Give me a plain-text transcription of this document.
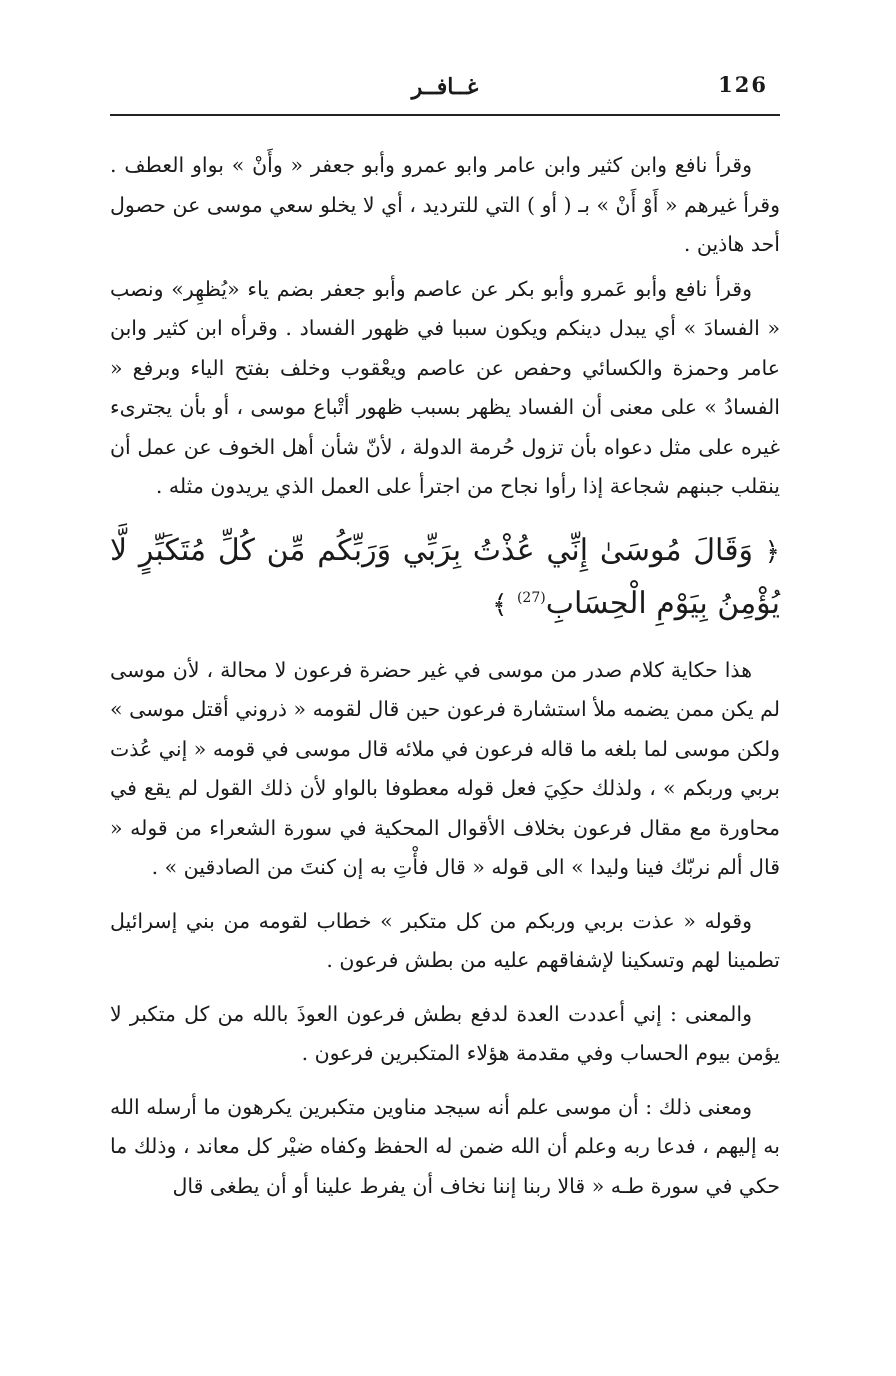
126
غــافــر

وقرأ نافع وابن كثير وابن عامر وابو عمرو وأبو جعفر « وأَنْ » بواو العطف . وقرأ غيرهم « أَوْ أَنْ » بـ ( أو ) التي للترديد ، أي لا يخلو سعي موسى عن حصول أحد هاذين .

وقرأ نافع وأبو عَمرو وأبو بكر عن عاصم وأبو جعفر بضم ياء «يُظهِر» ونصب « الفسادَ » أي يبدل دينكم ويكون سببا في ظهور الفساد . وقرأه ابن كثير وابن عامر وحمزة والكسائي وحفص عن عاصم ويعْقوب وخلف بفتح الياء وبرفع « الفسادُ » على معنى أن الفساد يظهر بسبب ظهور أتْباع موسى ، أو بأن يجترىء غيره على مثل دعواه بأن تزول حُرمة الدولة ، لأنّ شأن أهل الخوف عن عمل أن ينقلب جبنهم شجاعة إذا رأوا نجاح من اجترأ على العمل الذي يريدون مثله .

﴿ وَقَالَ مُوسَىٰ إِنِّي عُذْتُ بِرَبِّي وَرَبِّكُم مِّن كُلِّ مُتَكَبِّرٍ لَّا يُؤْمِنُ بِيَوْمِ الْحِسَابِ$^{(27)}$ ﴾

هذا حكاية كلام صدر من موسى في غير حضرة فرعون لا محالة ، لأن موسى لم يكن ممن يضمه ملأ استشارة فرعون حين قال لقومه « ذروني أقتل موسى » ولكن موسى لما بلغه ما قاله فرعون في ملائه قال موسى في قومه « إني عُذت بربي وربكم » ، ولذلك حكِيَ فعل قوله معطوفا بالواو لأن ذلك القول لم يقع في محاورة مع مقال فرعون بخلاف الأقوال المحكية في سورة الشعراء من قوله « قال ألم نربّك فينا وليدا » الى قوله « قال فأْتِ به إن كنتَ من الصادقين » .

وقوله « عذت بربي وربكم من كل متكبر » خطاب لقومه من بني إسرائيل تطمينا لهم وتسكينا لإشفاقهم عليه من بطش فرعون .

والمعنى : إني أعددت العدة لدفع بطش فرعون العوذَ بالله من كل متكبر لا يؤمن بيوم الحساب وفي مقدمة هؤلاء المتكبرين فرعون .

ومعنى ذلك : أن موسى علم أنه سيجد مناوين متكبرين يكرهون ما أرسله الله به إليهم ، فدعا ربه وعلم أن الله ضمن له الحفظ وكفاه ضيْر كل معاند ، وذلك ما حكي في سورة طـه « قالا ربنا إننا نخاف أن يفرط علينا أو أن يطغى قال
